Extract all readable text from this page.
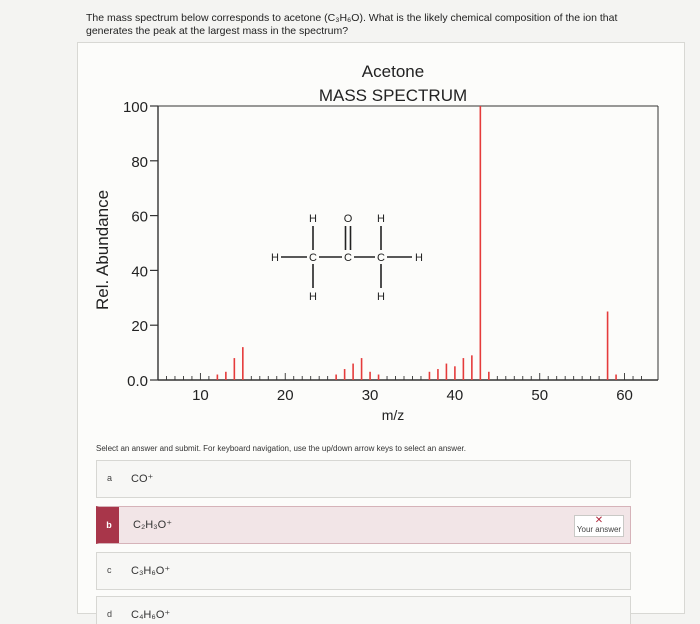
The mass spectrum below corresponds to acetone (C₃H₆O). What is the likely chemical composition of the ion that generates the peak at the largest mass in the spectrum?
0.0
20
40
60
80
100
10	20	30	40	50	60
Acetone
MASS SPECTRUM
Rel. Abundance
m/z
H	C C C	H
H O H
H	H
Select an answer and submit. For keyboard navigation, use the up/down arrow keys to select an answer.
a CO⁺
b	C₂H₃O⁺	✕
Your answer
c C₃H₆O⁺
d C₄H₆O⁺
